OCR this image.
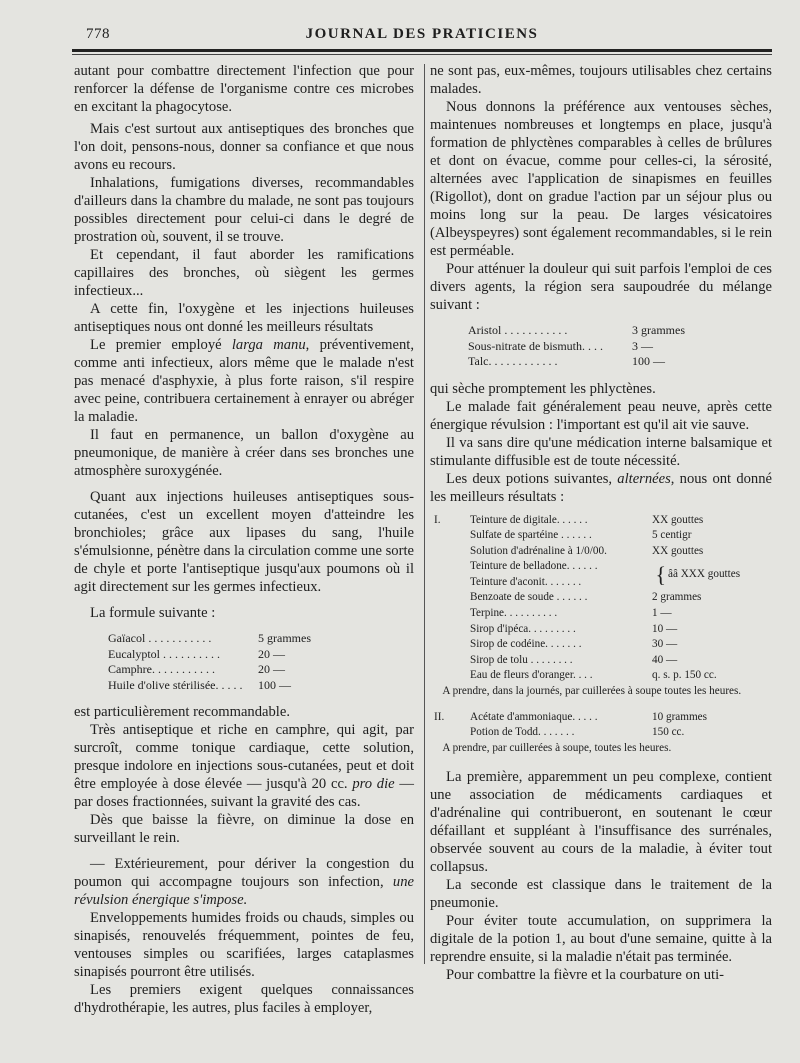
778	JOURNAL DES PRATICIENS

autant pour combattre directement l'infection que pour renforcer la défense de l'organisme contre ces microbes en excitant la phagocytose.

Mais c'est surtout aux antiseptiques des bronches que l'on doit, pensons-nous, donner sa confiance et que nous avons eu recours.

Inhalations, fumigations diverses, recommandables d'ailleurs dans la chambre du malade, ne sont pas toujours possibles directement pour celui-ci dans le degré de prostration où, souvent, il se trouve.

Et cependant, il faut aborder les ramifications capillaires des bronches, où siègent les germes infectieux...

A cette fin, l'oxygène et les injections huileuses antiseptiques nous ont donné les meilleurs résultats

Le premier employé larga manu, préventivement, comme anti infectieux, alors même que le malade n'est pas menacé d'asphyxie, à plus forte raison, s'il respire avec peine, contribuera certainement à enrayer ou abréger la maladie.

Il faut en permanence, un ballon d'oxygène au pneumonique, de manière à créer dans ses bronches une atmosphère suroxygénée.

Quant aux injections huileuses antiseptiques sous-cutanées, c'est un excellent moyen d'atteindre les bronchioles; grâce aux lipases du sang, l'huile s'émulsionne, pénètre dans la circulation comme une sorte de chyle et porte l'antiseptique jusqu'aux poumons où il agit directement sur les germes infectieux.

La formule suivante :

Gaïacol . . . . . . . . . . .	5 grammes
Eucalyptol . . . . . . . . . .	20 —
Camphre. . . . . . . . . . .	20 —
Huile d'olive stérilisée. . . . .	100 —

est particulièrement recommandable.

Très antiseptique et riche en camphre, qui agit, par surcroît, comme tonique cardiaque, cette solution, presque indolore en injections sous-cutanées, peut et doit être employée à dose élevée — jusqu'à 20 cc. pro die — par doses fractionnées, suivant la gravité des cas.

Dès que baisse la fièvre, on diminue la dose en surveillant le rein.

— Extérieurement, pour dériver la congestion du poumon qui accompagne toujours son infection, une révulsion énergique s'impose.

Enveloppements humides froids ou chauds, simples ou sinapisés, renouvelés fréquemment, pointes de feu, ventouses simples ou scarifiées, larges cataplasmes sinapisés pourront être utilisés.

Les premiers exigent quelques connaissances d'hydrothérapie, les autres, plus faciles à employer,

ne sont pas, eux-mêmes, toujours utilisables chez certains malades.

Nous donnons la préférence aux ventouses sèches, maintenues nombreuses et longtemps en place, jusqu'à formation de phlyctènes comparables à celles de brûlures et dont on évacue, comme pour celles-ci, la sérosité, alternées avec l'application de sinapismes en feuilles (Rigollot), dont on gradue l'action par un séjour plus ou moins long sur la peau. De larges vésicatoires (Albeyspeyres) sont également recommandables, si le rein est perméable.

Pour atténuer la douleur qui suit parfois l'emploi de ces divers agents, la région sera saupoudrée du mélange suivant :

Aristol . . . . . . . . . . .	3 grammes
Sous-nitrate de bismuth. . . .	3 —
Talc. . . . . . . . . . . .	100 —

qui sèche promptement les phlyctènes.

Le malade fait généralement peau neuve, après cette énergique révulsion : l'important est qu'il ait vie sauve.

Il va sans dire qu'une médication interne balsamique et stimulante diffusible est de toute nécessité.

Les deux potions suivantes, alternées, nous ont donné les meilleurs résultats :

I.	Teinture de digitale. . . . . .	XX gouttes
Sulfate de spartéine . . . . . .	5 centigr
Solution d'adrénaline à 1/0/00.	XX gouttes
Teinture de belladone. . . . . .
Teinture d'aconit. . . . . . .	{ ââ XXX gouttes
Benzoate de soude . . . . . .	2 grammes
Terpine. . . . . . . . . .	1 —
Sirop d'ipéca. . . . . . . . .	10 —
Sirop de codéine. . . . . . .	30 —
Sirop de tolu . . . . . . . .	40 —
Eau de fleurs d'oranger. . . .	q. s. p. 150 cc.

A prendre, dans la journés, par cuillerées à soupe toutes les heures.

II.	Acétate d'ammoniaque. . . . .	10 grammes
Potion de Todd. . . . . . .	150 cc.

A prendre, par cuillerées à soupe, toutes les heures.

La première, apparemment un peu complexe, contient une association de médicaments cardiaques et d'adrénaline qui contribueront, en soutenant le cœur défaillant et suppléant à l'insuffisance des surrénales, observée souvent au cours de la maladie, à éviter tout collapsus.

La seconde est classique dans le traitement de la pneumonie.

Pour éviter toute accumulation, on supprimera la digitale de la potion 1, au bout d'une semaine, quitte à la reprendre ensuite, si la maladie n'était pas terminée.

Pour combattre la fièvre et la courbature on uti-
